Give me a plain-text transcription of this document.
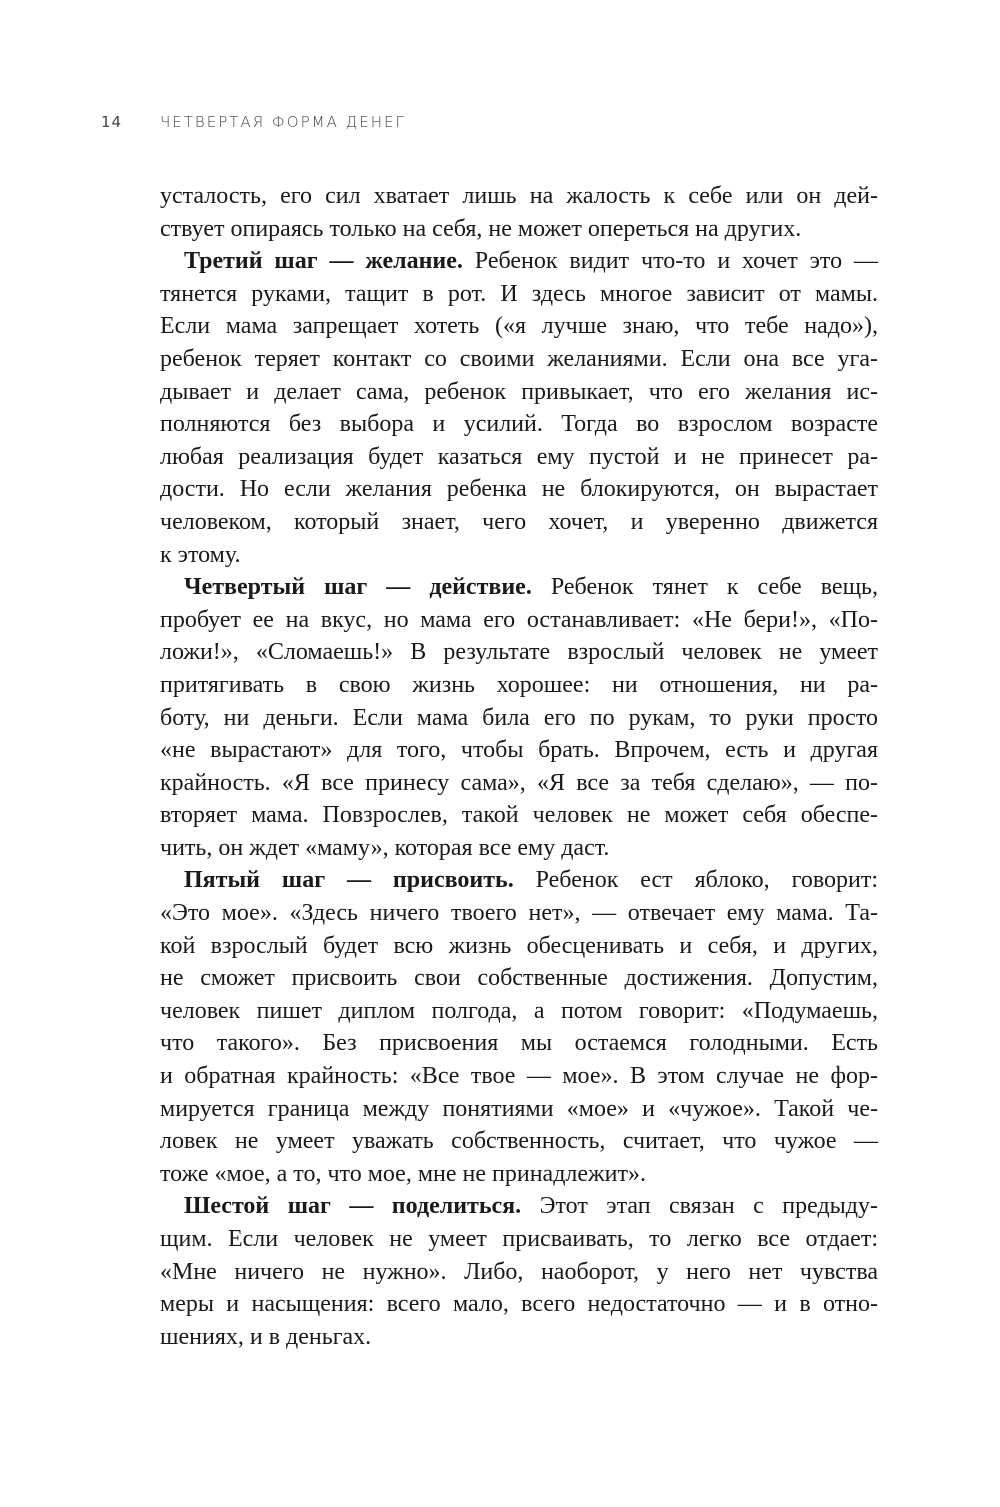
14	ЧЕТВЕРТАЯ ФОРМА ДЕНЕГ
усталость, его сил хватает лишь на жалость к себе или он дей-
ствует опираясь только на себя, не может опереться на других.
Третий шаг — желание. Ребенок видит что-то и хочет это —
тянется руками, тащит в рот. И здесь многое зависит от мамы.
Если мама запрещает хотеть («я лучше знаю, что тебе надо»),
ребенок теряет контакт со своими желаниями. Если она все уга-
дывает и делает сама, ребенок привыкает, что его желания ис-
полняются без выбора и усилий. Тогда во взрослом возрасте
любая реализация будет казаться ему пустой и не принесет ра-
дости. Но если желания ребенка не блокируются, он вырастает
человеком, который знает, чего хочет, и уверенно движется
к этому.
Четвертый шаг — действие. Ребенок тянет к себе вещь,
пробует ее на вкус, но мама его останавливает: «Не бери!», «По-
ложи!», «Сломаешь!» В результате взрослый человек не умеет
притягивать в свою жизнь хорошее: ни отношения, ни ра-
боту, ни деньги. Если мама била его по рукам, то руки просто
«не вырастают» для того, чтобы брать. Впрочем, есть и другая
крайность. «Я все принесу сама», «Я все за тебя сделаю», — по-
вторяет мама. Повзрослев, такой человек не может себя обеспе-
чить, он ждет «маму», которая все ему даст.
Пятый шаг — присвоить. Ребенок ест яблоко, говорит:
«Это мое». «Здесь ничего твоего нет», — отвечает ему мама. Та-
кой взрослый будет всю жизнь обесценивать и себя, и других,
не сможет присвоить свои собственные достижения. Допустим,
человек пишет диплом полгода, а потом говорит: «Подумаешь,
что такого». Без присвоения мы остаемся голодными. Есть
и обратная крайность: «Все твое — мое». В этом случае не фор-
мируется граница между понятиями «мое» и «чужое». Такой че-
ловек не умеет уважать собственность, считает, что чужое —
тоже «мое, а то, что мое, мне не принадлежит».
Шестой шаг — поделиться. Этот этап связан с предыду-
щим. Если человек не умеет присваивать, то легко все отдает:
«Мне ничего не нужно». Либо, наоборот, у него нет чувства
меры и насыщения: всего мало, всего недостаточно — и в отно-
шениях, и в деньгах.
